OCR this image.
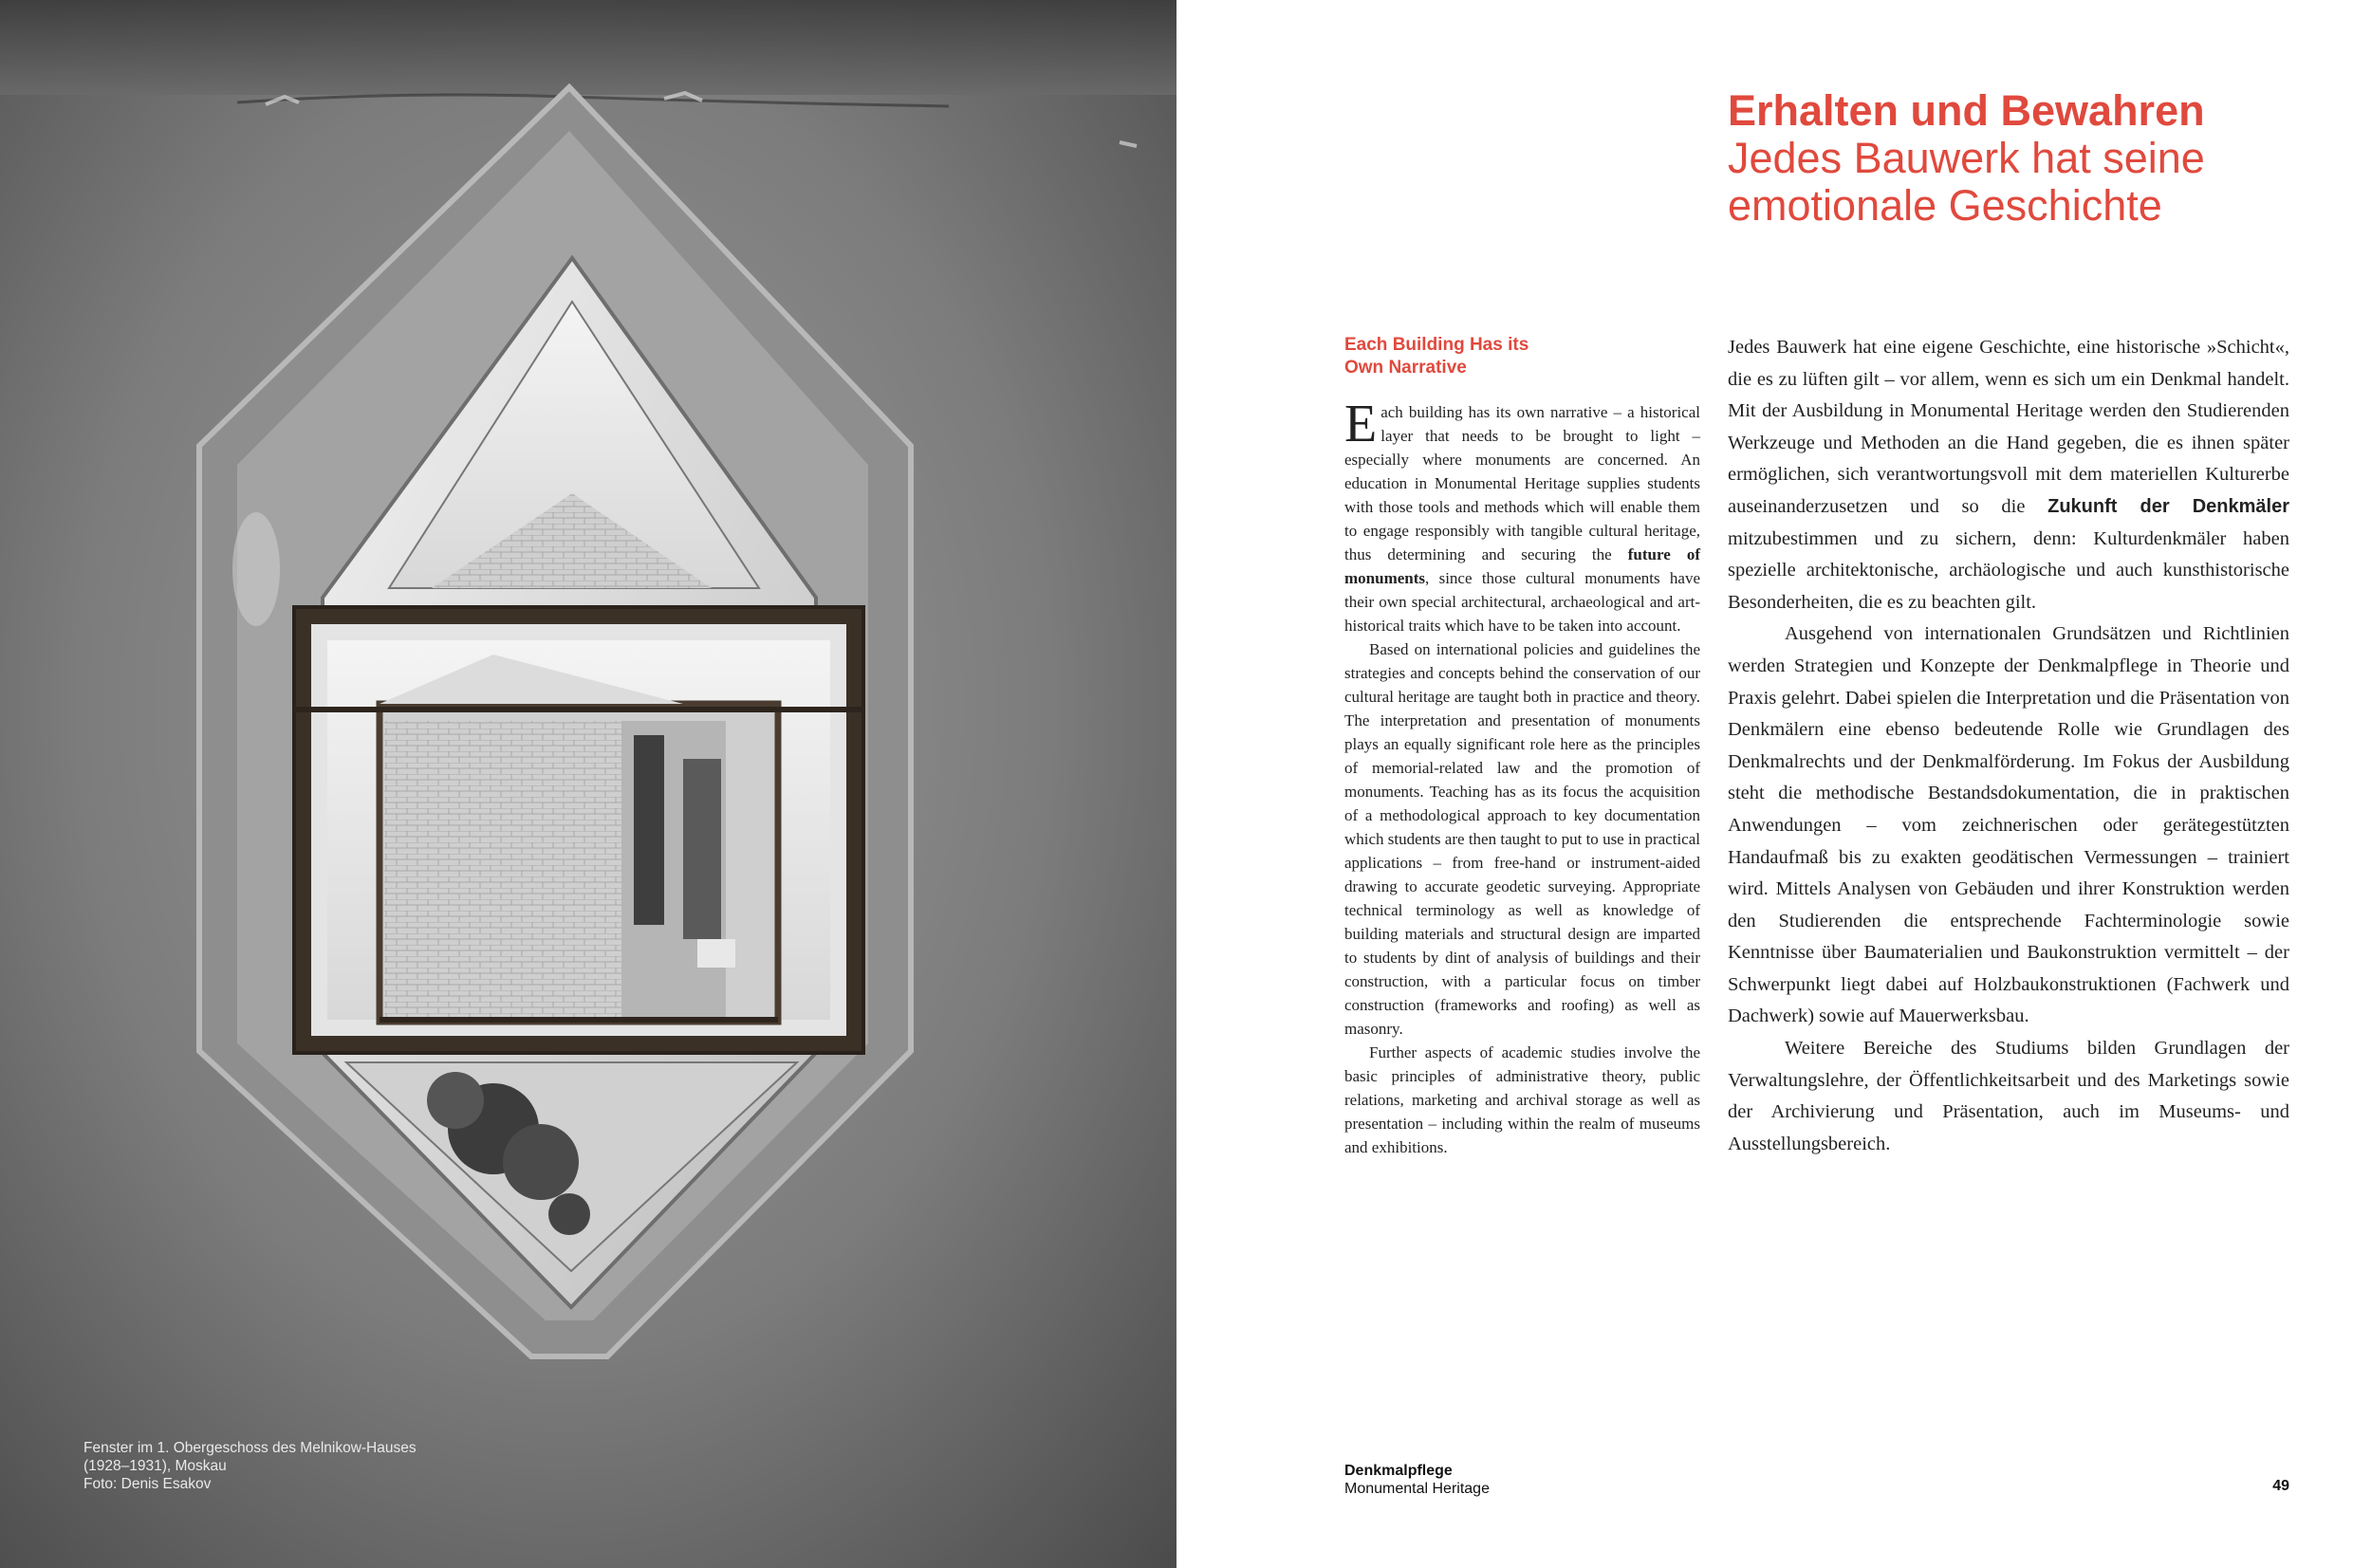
Fenster im 1. Obergeschoss des Melnikow-Hauses
(1928–1931), Moskau
Foto: Denis Esakov
Erhalten und Bewahren
Jedes Bauwerk hat seine emotionale Geschichte
Each Building Has its Own Narrative

Each building has its own narrative – a historical layer that needs to be brought to light – especially where monuments are concerned. An education in Monumental Heritage supplies students with those tools and methods which will enable them to engage responsibly with tangible cultural heritage, thus determining and securing the future of monuments, since those cultural monuments have their own special architectural, archaeological and art-historical traits which have to be taken into account.

Based on international policies and guidelines the strategies and concepts behind the conservation of our cultural heritage are taught both in practice and theory. The interpretation and presentation of monuments plays an equally significant role here as the principles of memorial-related law and the promotion of monuments. Teaching has as its focus the acquisition of a methodological approach to key documentation which students are then taught to put to use in practical applications – from free-hand or instrument-aided drawing to accurate geodetic surveying. Appropriate technical terminology as well as knowledge of building materials and structural design are imparted to students by dint of analysis of buildings and their construction, with a particular focus on timber construction (frameworks and roofing) as well as masonry.

Further aspects of academic studies involve the basic principles of administrative theory, public relations, marketing and archival storage as well as presentation – including within the realm of museums and exhibitions.

Jedes Bauwerk hat eine eigene Geschichte, eine historische »Schicht«, die es zu lüften gilt – vor allem, wenn es sich um ein Denkmal handelt. Mit der Ausbildung in Monumental Heritage werden den Studierenden Werkzeuge und Methoden an die Hand gegeben, die es ihnen später ermöglichen, sich verantwortungsvoll mit dem materiellen Kulturerbe auseinanderzusetzen und so die Zukunft der Denkmäler mitzubestimmen und zu sichern, denn: Kulturdenkmäler haben spezielle architektonische, archäologische und auch kunsthistorische Besonderheiten, die es zu beachten gilt.

Ausgehend von internationalen Grundsätzen und Richtlinien werden Strategien und Konzepte der Denkmalpflege in Theorie und Praxis gelehrt. Dabei spielen die Interpretation und die Präsentation von Denkmälern eine ebenso bedeutende Rolle wie Grundlagen des Denkmalrechts und der Denkmalförderung. Im Fokus der Ausbildung steht die methodische Bestandsdokumentation, die in praktischen Anwendungen – vom zeichnerischen oder gerätegestützten Handaufmaß bis zu exakten geodätischen Vermessungen – trainiert wird. Mittels Analysen von Gebäuden und ihrer Konstruktion werden den Studierenden die entsprechende Fachterminologie sowie Kenntnisse über Baumaterialien und Baukonstruktion vermittelt – der Schwerpunkt liegt dabei auf Holzbaukonstruktionen (Fachwerk und Dachwerk) sowie auf Mauerwerksbau.

Weitere Bereiche des Studiums bilden Grundlagen der Verwaltungslehre, der Öffentlichkeitsarbeit und des Marketings sowie der Archivierung und Präsentation, auch im Museums- und Ausstellungsbereich.

Denkmalpflege
Monumental Heritage	49
